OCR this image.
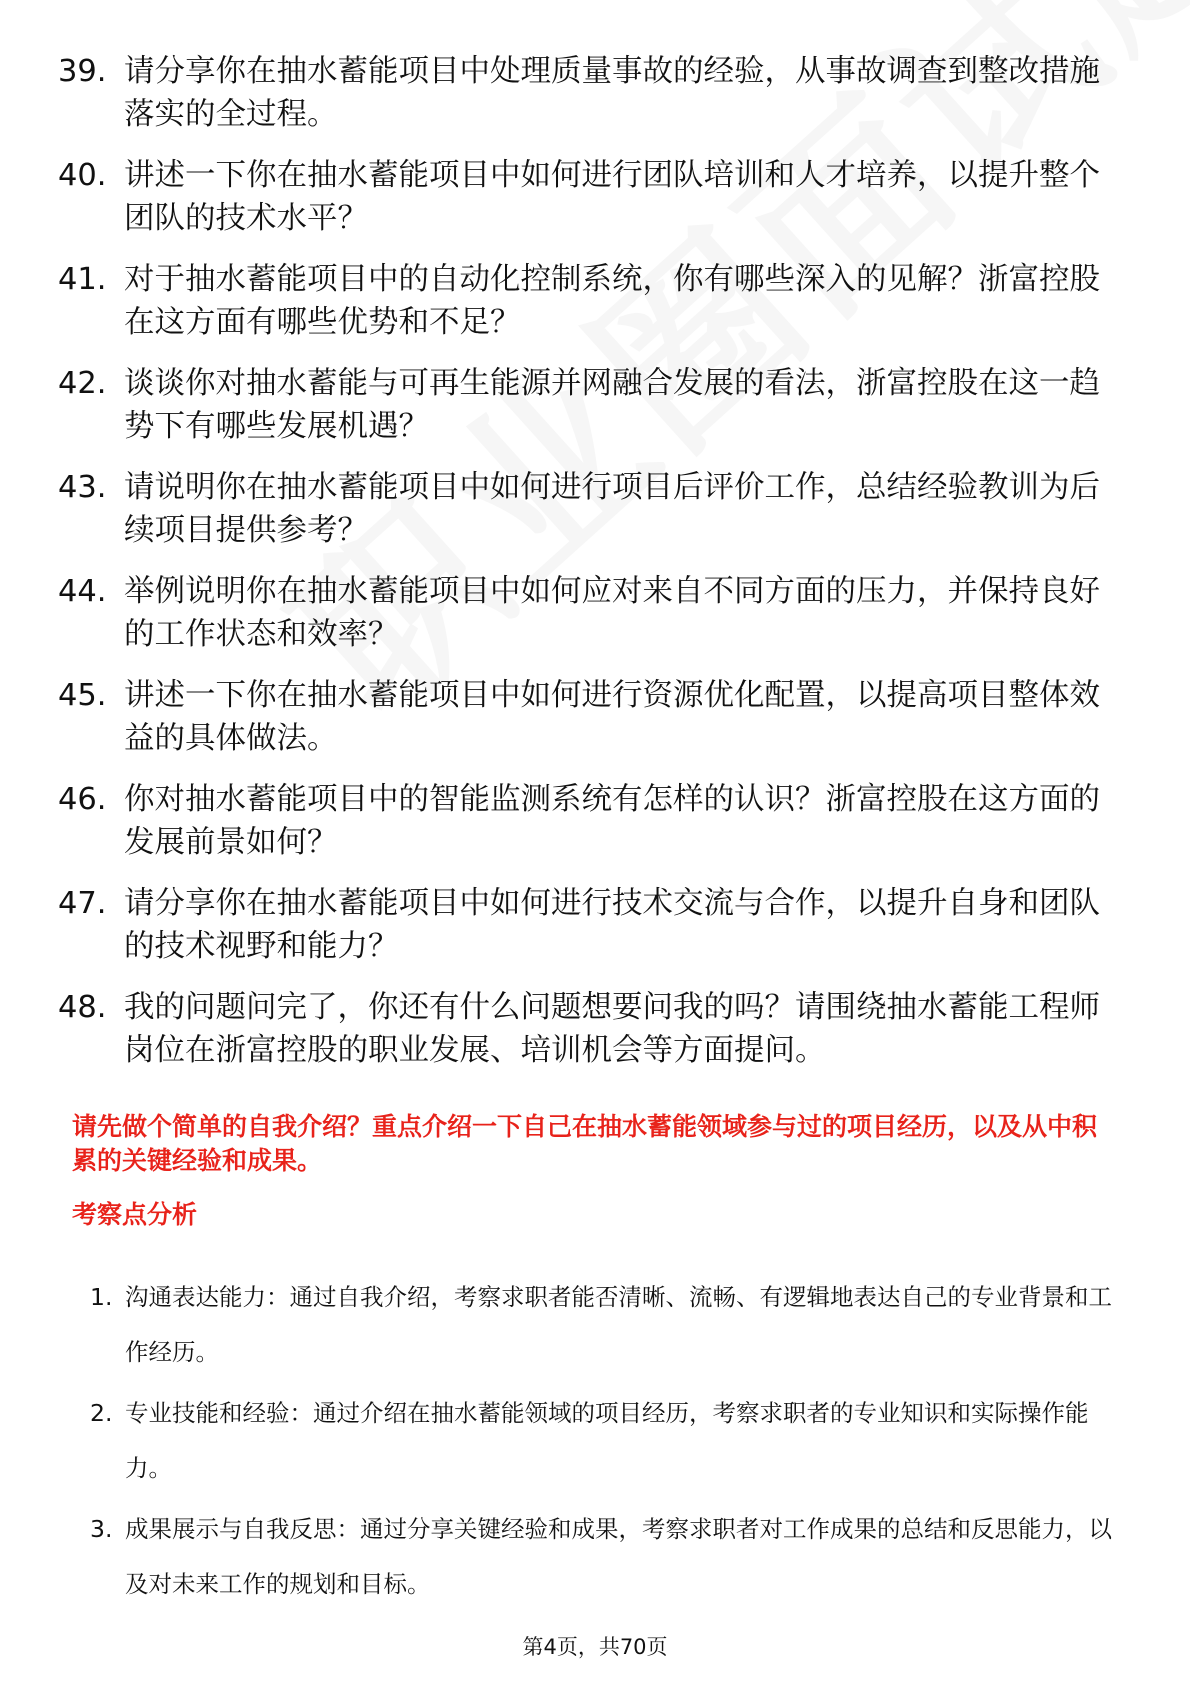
39. 请分享你在抽水蓄能项目中处理质量事故的经验，从事故调查到整改措施落实的全过程。
40. 讲述一下你在抽水蓄能项目中如何进行团队培训和人才培养，以提升整个团队的技术水平？
41. 对于抽水蓄能项目中的自动化控制系统，你有哪些深入的见解？浙富控股在这方面有哪些优势和不足？
42. 谈谈你对抽水蓄能与可再生能源并网融合发展的看法，浙富控股在这一趋势下有哪些发展机遇？
43. 请说明你在抽水蓄能项目中如何进行项目后评价工作，总结经验教训为后续项目提供参考？
44. 举例说明你在抽水蓄能项目中如何应对来自不同方面的压力，并保持良好的工作状态和效率？
45. 讲述一下你在抽水蓄能项目中如何进行资源优化配置，以提高项目整体效益的具体做法。
46. 你对抽水蓄能项目中的智能监测系统有怎样的认识？浙富控股在这方面的发展前景如何？
47. 请分享你在抽水蓄能项目中如何进行技术交流与合作，以提升自身和团队的技术视野和能力？
48. 我的问题问完了，你还有什么问题想要问我的吗？请围绕抽水蓄能工程师岗位在浙富控股的职业发展、培训机会等方面提问。

请先做个简单的自我介绍？重点介绍一下自己在抽水蓄能领域参与过的项目经历，以及从中积累的关键经验和成果。

考察点分析

1. 沟通表达能力：通过自我介绍，考察求职者能否清晰、流畅、有逻辑地表达自己的专业背景和工作经历。
2. 专业技能和经验：通过介绍在抽水蓄能领域的项目经历，考察求职者的专业知识和实际操作能力。
3. 成果展示与自我反思：通过分享关键经验和成果，考察求职者对工作成果的总结和反思能力，以及对未来工作的规划和目标。
第4页，共70页
